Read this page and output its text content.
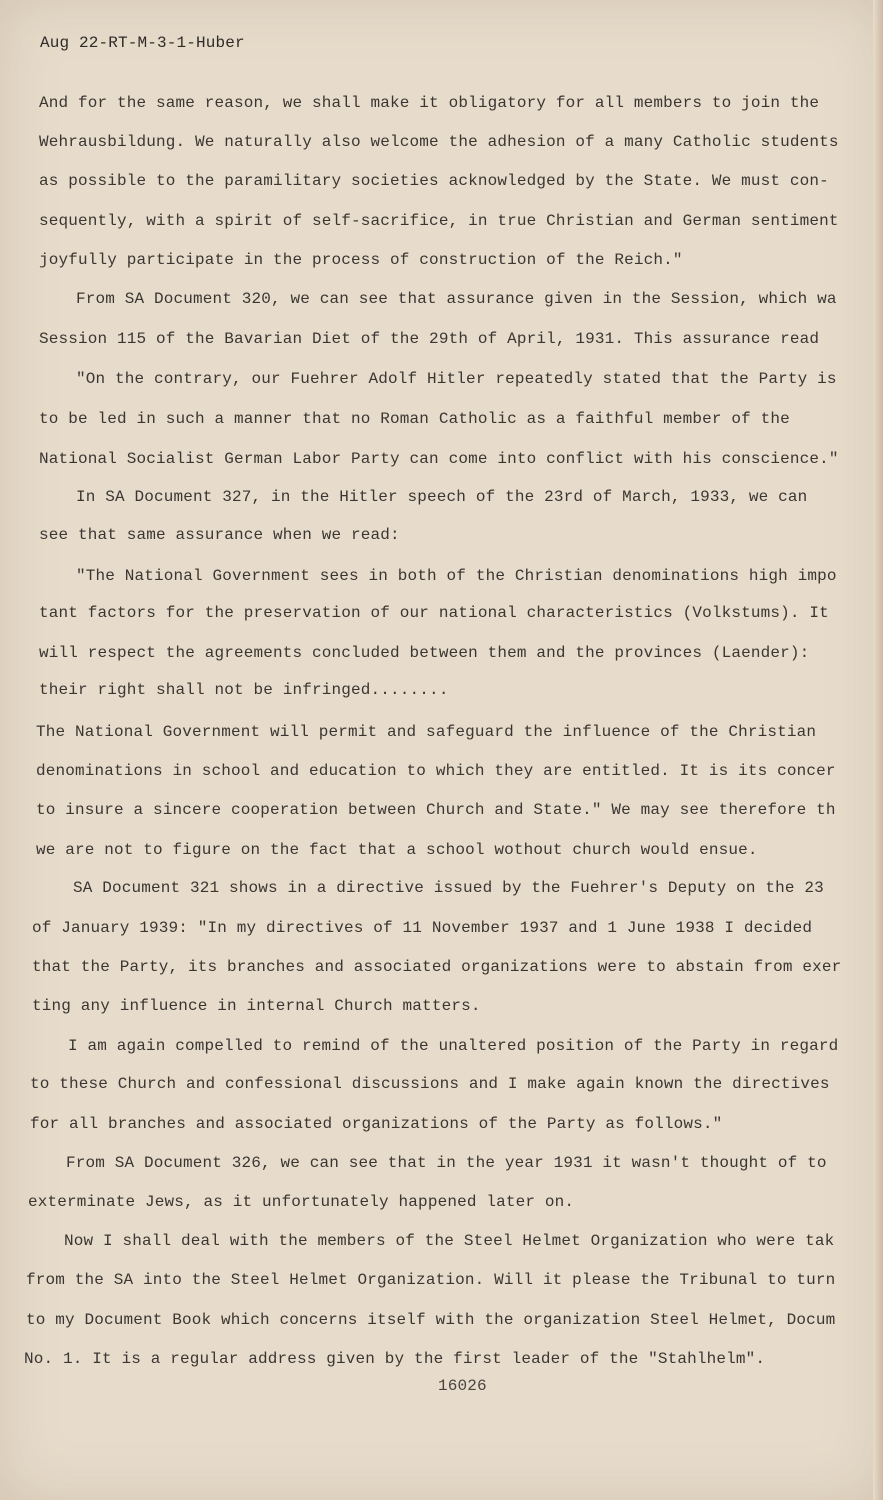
Aug 22-RT-M-3-1-Huber
And for the same reason, we shall make it obligatory for all members to join the
Wehrausbildung. We naturally also welcome the adhesion of a many Catholic students
as possible to the paramilitary societies acknowledged by the State. We must con-
sequently, with a spirit of self-sacrifice, in true Christian and German sentiment
joyfully participate in the process of construction of the Reich."
From SA Document 320, we can see that assurance given in the Session, which wa
Session 115 of the Bavarian Diet of the 29th of April, 1931. This assurance read
"On the contrary, our Fuehrer Adolf Hitler repeatedly stated that the Party is
to be led in such a manner that no Roman Catholic as a faithful member of the
National Socialist German Labor Party can come into conflict with his conscience."
In SA Document 327, in the Hitler speech of the 23rd of March, 1933, we can
see that same assurance when we read:
"The National Government sees in both of the Christian denominations high impo
tant factors for the preservation of our national characteristics (Volkstums). It
will respect the agreements concluded between them and the provinces (Laender):
their right shall not be infringed........
The National Government will permit and safeguard the influence of the Christian
denominations in school and education to which they are entitled. It is its concer
to insure a sincere cooperation between Church and State." We may see therefore th
we are not to figure on the fact that a school wothout church would ensue.
SA Document 321 shows in a directive issued by the Fuehrer's Deputy on the 23
of January 1939: "In my directives of 11 November 1937 and 1 June 1938 I decided
that the Party, its branches and associated organizations were to abstain from exer
ting any influence in internal Church matters.
I am again compelled to remind of the unaltered position of the Party in regard
to these Church and confessional discussions and I make again known the directives
for all branches and associated organizations of the Party as follows."
From SA Document 326, we can see that in the year 1931 it wasn't thought of to
exterminate Jews, as it unfortunately happened later on.
Now I shall deal with the members of the Steel Helmet Organization who were tak
from the SA into the Steel Helmet Organization. Will it please the Tribunal to turn
to my Document Book which concerns itself with the organization Steel Helmet, Docum
No. 1. It is a regular address given by the first leader of the "Stahlhelm".
16026
